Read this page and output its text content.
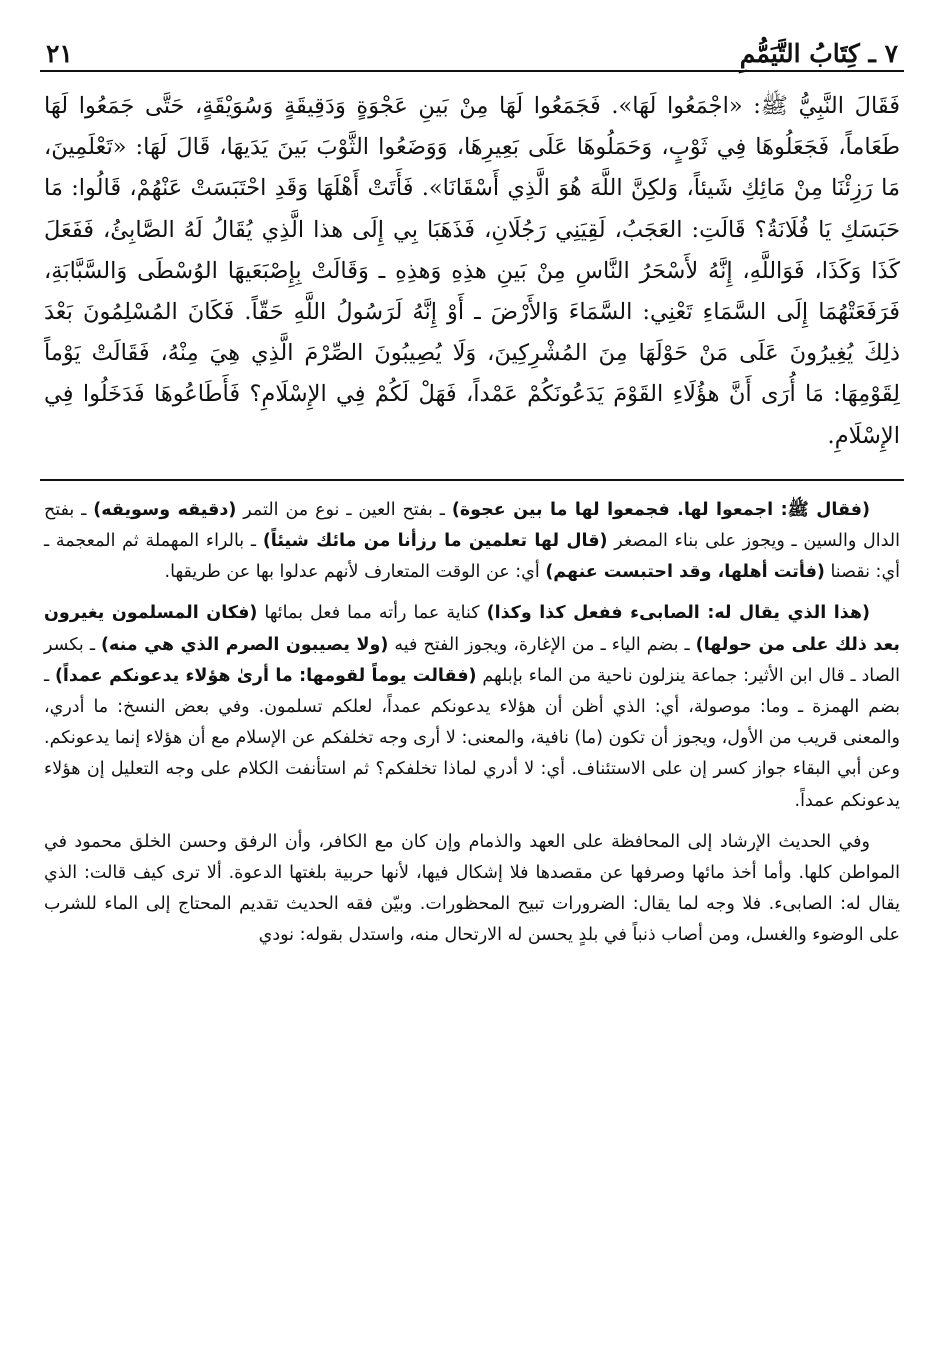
٧ ـ كِتَابُ التَّيَمُّمِ
٢١
فَقَالَ النَّبِيُّ ﷺ: «اجْمَعُوا لَهَا». فَجَمَعُوا لَهَا مِنْ بَينِ عَجْوَةٍ وَدَقِيقَةٍ وَسُوَيْقَةٍ، حَتَّى جَمَعُوا لَهَا طَعَاماً، فَجَعَلُوهَا فِي ثَوْبٍ، وَحَمَلُوهَا عَلَى بَعِيرِهَا، وَوَضَعُوا الثَّوْبَ بَينَ يَدَيهَا، قَالَ لَهَا: «تَعْلَمِينَ، مَا رَزِئْنَا مِنْ مَائِكِ شَيئاً، وَلكِنَّ اللَّهَ هُوَ الَّذِي أَسْقَانَا». فَأَتَتْ أَهْلَهَا وَقَدِ احْتَبَسَتْ عَنْهُمْ، قَالُوا: مَا حَبَسَكِ يَا فُلَانَةُ؟ قَالَتِ: العَجَبُ، لَقِيَنِي رَجُلَانِ، فَذَهَبَا بِي إِلَى هذا الَّذِي يُقَالُ لَهُ الصَّابِئُ، فَفَعَلَ كَذَا وَكَذَا، فَوَاللَّهِ، إِنَّهُ لأَسْحَرُ النَّاسِ مِنْ بَينِ هذِهِ وَهذِهِ ـ وَقَالَتْ بِإِصْبَعَيهَا الوُسْطَى وَالسَّبَّابَةِ، فَرَفَعَتْهُمَا إِلَى السَّمَاءِ تَعْنِي: السَّمَاءَ وَالأَرْضَ ـ أَوْ إِنَّهُ لَرَسُولُ اللَّهِ حَقّاً. فَكَانَ المُسْلِمُونَ بَعْدَ ذلِكَ يُغِيرُونَ عَلَى مَنْ حَوْلَهَا مِنَ المُشْرِكِينَ، وَلَا يُصِيبُونَ الصِّرْمَ الَّذِي هِيَ مِنْهُ، فَقَالَتْ يَوْماً لِقَوْمِهَا: مَا أُرَى أَنَّ هؤُلَاءِ القَوْمَ يَدَعُونَكُمْ عَمْداً، فَهَلْ لَكُمْ فِي الإِسْلَامِ؟ فَأَطَاعُوهَا فَدَخَلُوا فِي الإِسْلَامِ.

(فقال ﷺ: اجمعوا لها. فجمعوا لها ما بين عجوة) ـ بفتح العين ـ نوع من التمر (دقيقه وسويقه) ـ بفتح الدال والسين ـ ويجوز على بناء المصغر (قال لها تعلمين ما رزأنا من مائك شيئاً) ـ بالراء المهملة ثم المعجمة ـ أي: نقصنا (فأتت أهلها، وقد احتبست عنهم) أي: عن الوقت المتعارف لأنهم عدلوا بها عن طريقها.

(هذا الذي يقال له: الصابىء ففعل كذا وكذا) كناية عما رأته مما فعل بمائها (فكان المسلمون يغيرون بعد ذلك على من حولها) ـ بضم الياء ـ من الإغارة، ويجوز الفتح فيه (ولا يصيبون الصرم الذي هي منه) ـ بكسر الصاد ـ قال ابن الأثير: جماعة ينزلون ناحية من الماء بإبلهم (فقالت يوماً لقومها: ما أرىٰ هؤلاء يدعونكم عمداً) ـ بضم الهمزة ـ وما: موصولة، أي: الذي أظن أن هؤلاء يدعونكم عمداً، لعلكم تسلمون. وفي بعض النسخ: ما أدري، والمعنى قريب من الأول، ويجوز أن تكون (ما) نافية، والمعنى: لا أرى وجه تخلفكم عن الإسلام مع أن هؤلاء إنما يدعونكم. وعن أبي البقاء جواز كسر إن على الاستئناف. أي: لا أدري لماذا تخلفكم؟ ثم استأنفت الكلام على وجه التعليل إن هؤلاء يدعونكم عمداً.

وفي الحديث الإرشاد إلى المحافظة على العهد والذمام وإن كان مع الكافر، وأن الرفق وحسن الخلق محمود في المواطن كلها. وأما أخذ مائها وصرفها عن مقصدها فلا إشكال فيها، لأنها حربية بلغتها الدعوة. ألا ترى كيف قالت: الذي يقال له: الصابىء. فلا وجه لما يقال: الضرورات تبيح المحظورات. وبيّن فقه الحديث تقديم المحتاج إلى الماء للشرب على الوضوء والغسل، ومن أصاب ذنباً في بلدٍ يحسن له الارتحال منه، واستدل بقوله: نودي
